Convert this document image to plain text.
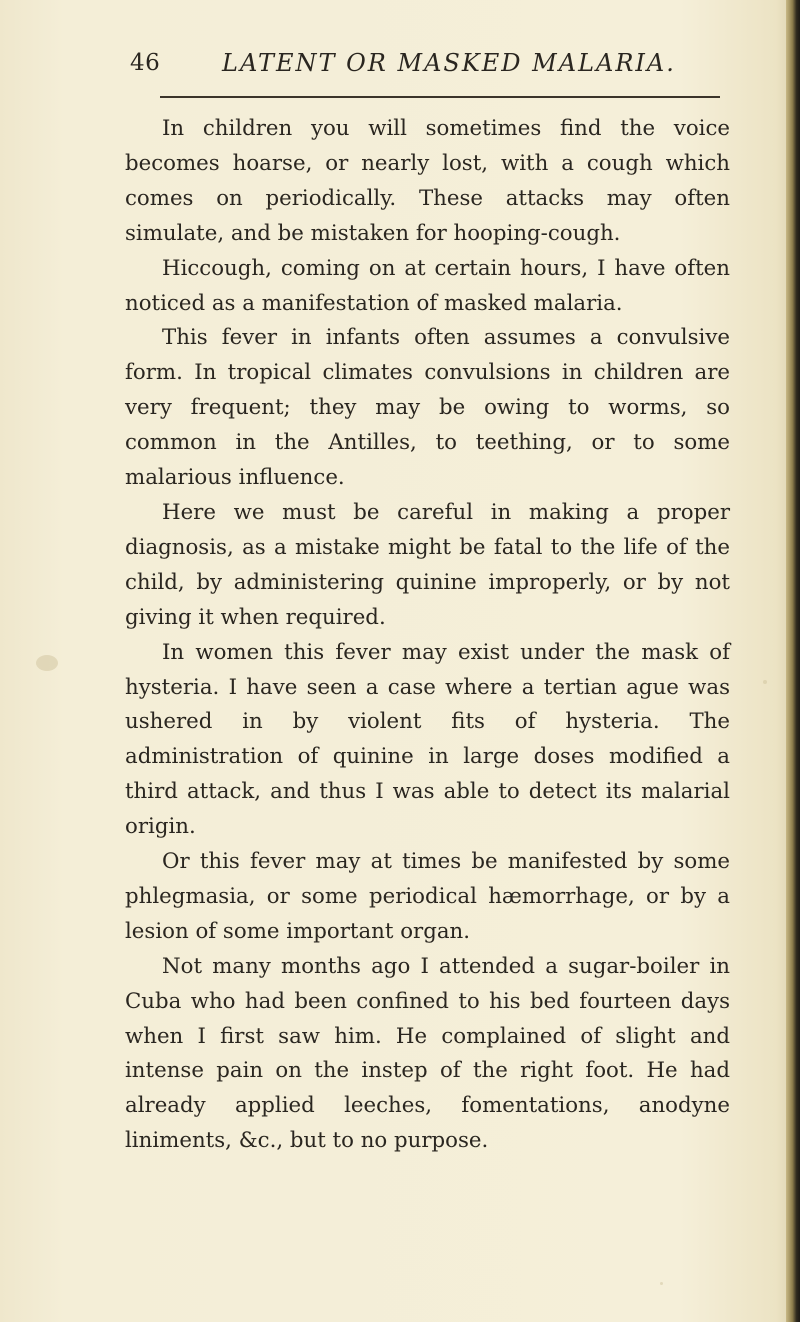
46	LATENT OR MASKED MALARIA.

In children you will sometimes find the voice becomes hoarse, or nearly lost, with a cough which comes on periodically. These attacks may often simulate, and be mistaken for hooping-cough.

Hiccough, coming on at certain hours, I have often noticed as a manifestation of masked malaria.

This fever in infants often assumes a convulsive form. In tropical climates convulsions in children are very frequent; they may be owing to worms, so common in the Antilles, to teething, or to some malarious influence.

Here we must be careful in making a proper diagnosis, as a mistake might be fatal to the life of the child, by administering quinine improperly, or by not giving it when required.

In women this fever may exist under the mask of hysteria. I have seen a case where a tertian ague was ushered in by violent fits of hysteria. The administration of quinine in large doses modified a third attack, and thus I was able to detect its malarial origin.

Or this fever may at times be manifested by some phlegmasia, or some periodical hæmorrhage, or by a lesion of some important organ.

Not many months ago I attended a sugar-boiler in Cuba who had been confined to his bed fourteen days when I first saw him. He complained of slight and intense pain on the instep of the right foot. He had already applied leeches, fomentations, anodyne liniments, &c., but to no purpose.
